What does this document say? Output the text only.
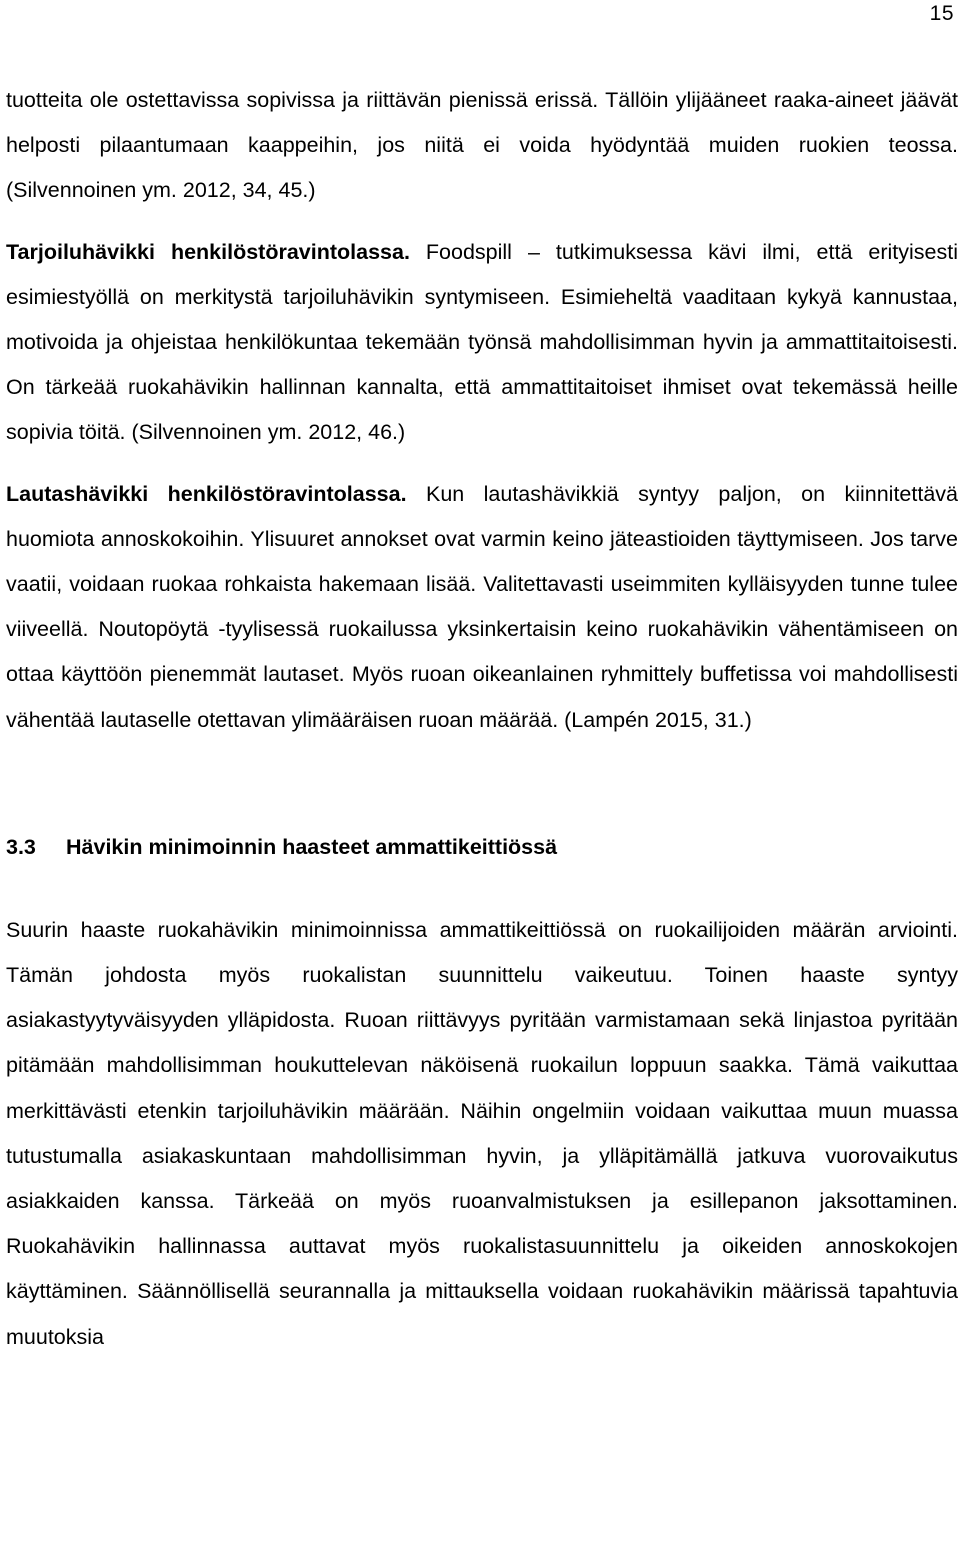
15

tuotteita ole ostettavissa sopivissa ja riittävän pienissä erissä. Tällöin ylijääneet raaka-aineet jäävät helposti pilaantumaan kaappeihin, jos niitä ei voida hyödyntää muiden ruokien teossa. (Silvennoinen ym. 2012, 34, 45.)

Tarjoiluhävikki henkilöstöravintolassa. Foodspill – tutkimuksessa kävi ilmi, että erityisesti esimiestyöllä on merkitystä tarjoiluhävikin syntymiseen. Esimieheltä vaaditaan kykyä kannustaa, motivoida ja ohjeistaa henkilökuntaa tekemään työnsä mahdollisimman hyvin ja ammattitaitoisesti. On tärkeää ruokahävikin hallinnan kannalta, että ammattitaitoiset ihmiset ovat tekemässä heille sopivia töitä. (Silvennoinen ym. 2012, 46.)

Lautashävikki henkilöstöravintolassa. Kun lautashävikkiä syntyy paljon, on kiinnitettävä huomiota annoskokoihin. Ylisuuret annokset ovat varmin keino jäteastioiden täyttymiseen. Jos tarve vaatii, voidaan ruokaa rohkaista hakemaan lisää. Valitettavasti useimmiten kylläisyyden tunne tulee viiveellä. Noutopöytä -tyylisessä ruokailussa yksinkertaisin keino ruokahävikin vähentämiseen on ottaa käyttöön pienemmät lautaset. Myös ruoan oikeanlainen ryhmittely buffetissa voi mahdollisesti vähentää lautaselle otettavan ylimääräisen ruoan määrää. (Lampén 2015, 31.)

3.3 Hävikin minimoinnin haasteet ammattikeittiössä

Suurin haaste ruokahävikin minimoinnissa ammattikeittiössä on ruokailijoiden määrän arviointi. Tämän johdosta myös ruokalistan suunnittelu vaikeutuu. Toinen haaste syntyy asiakastyytyväisyyden ylläpidosta. Ruoan riittävyys pyritään varmistamaan sekä linjastoa pyritään pitämään mahdollisimman houkuttelevan näköisenä ruokailun loppuun saakka. Tämä vaikuttaa merkittävästi etenkin tarjoiluhävikin määrään. Näihin ongelmiin voidaan vaikuttaa muun muassa tutustumalla asiakaskuntaan mahdollisimman hyvin, ja ylläpitämällä jatkuva vuorovaikutus asiakkaiden kanssa. Tärkeää on myös ruoanvalmistuksen ja esillepanon jaksottaminen. Ruokahävikin hallinnassa auttavat myös ruokalistasuunnittelu ja oikeiden annoskokojen käyttäminen. Säännöllisellä seurannalla ja mittauksella voidaan ruokahävikin määrissä tapahtuvia muutoksia
